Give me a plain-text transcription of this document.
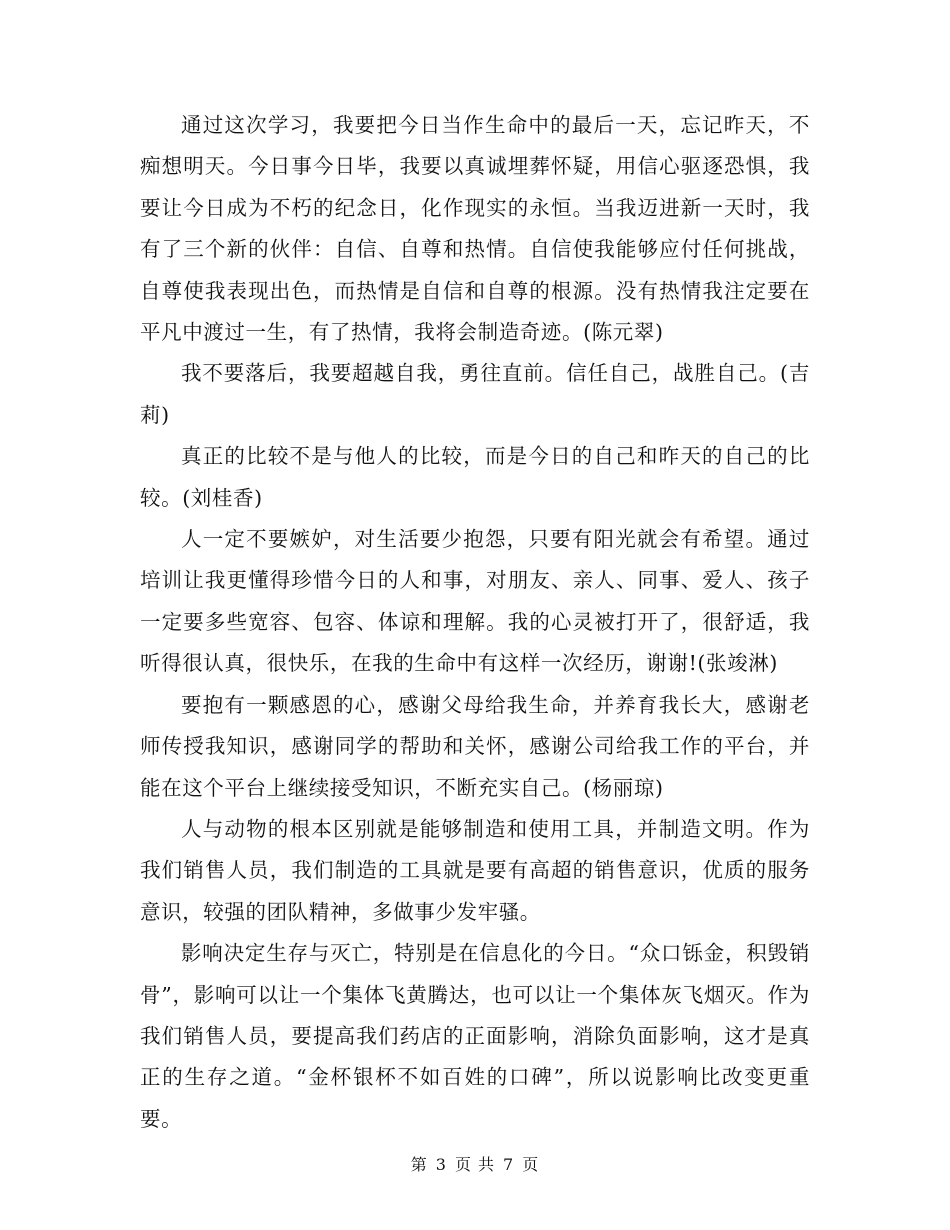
通过这次学习，我要把今日当作生命中的最后一天，忘记昨天，不痴想明天。今日事今日毕，我要以真诚埋葬怀疑，用信心驱逐恐惧，我要让今日成为不朽的纪念日，化作现实的永恒。当我迈进新一天时，我有了三个新的伙伴：自信、自尊和热情。自信使我能够应付任何挑战，自尊使我表现出色，而热情是自信和自尊的根源。没有热情我注定要在平凡中渡过一生，有了热情，我将会制造奇迹。(陈元翠)

我不要落后，我要超越自我，勇往直前。信任自己，战胜自己。(吉莉)

真正的比较不是与他人的比较，而是今日的自己和昨天的自己的比较。(刘桂香)

人一定不要嫉妒，对生活要少抱怨，只要有阳光就会有希望。通过培训让我更懂得珍惜今日的人和事，对朋友、亲人、同事、爱人、孩子一定要多些宽容、包容、体谅和理解。我的心灵被打开了，很舒适，我听得很认真，很快乐，在我的生命中有这样一次经历，谢谢!(张竣淋)

要抱有一颗感恩的心，感谢父母给我生命，并养育我长大，感谢老师传授我知识，感谢同学的帮助和关怀，感谢公司给我工作的平台，并能在这个平台上继续接受知识，不断充实自己。(杨丽琼)

人与动物的根本区别就是能够制造和使用工具，并制造文明。作为我们销售人员，我们制造的工具就是要有高超的销售意识，优质的服务意识，较强的团队精神，多做事少发牢骚。

影响决定生存与灭亡，特别是在信息化的今日。“众口铄金，积毁销骨”，影响可以让一个集体飞黄腾达，也可以让一个集体灰飞烟灭。作为我们销售人员，要提高我们药店的正面影响，消除负面影响，这才是真正的生存之道。“金杯银杯不如百姓的口碑”，所以说影响比改变更重要。

第 3 页 共 7 页
